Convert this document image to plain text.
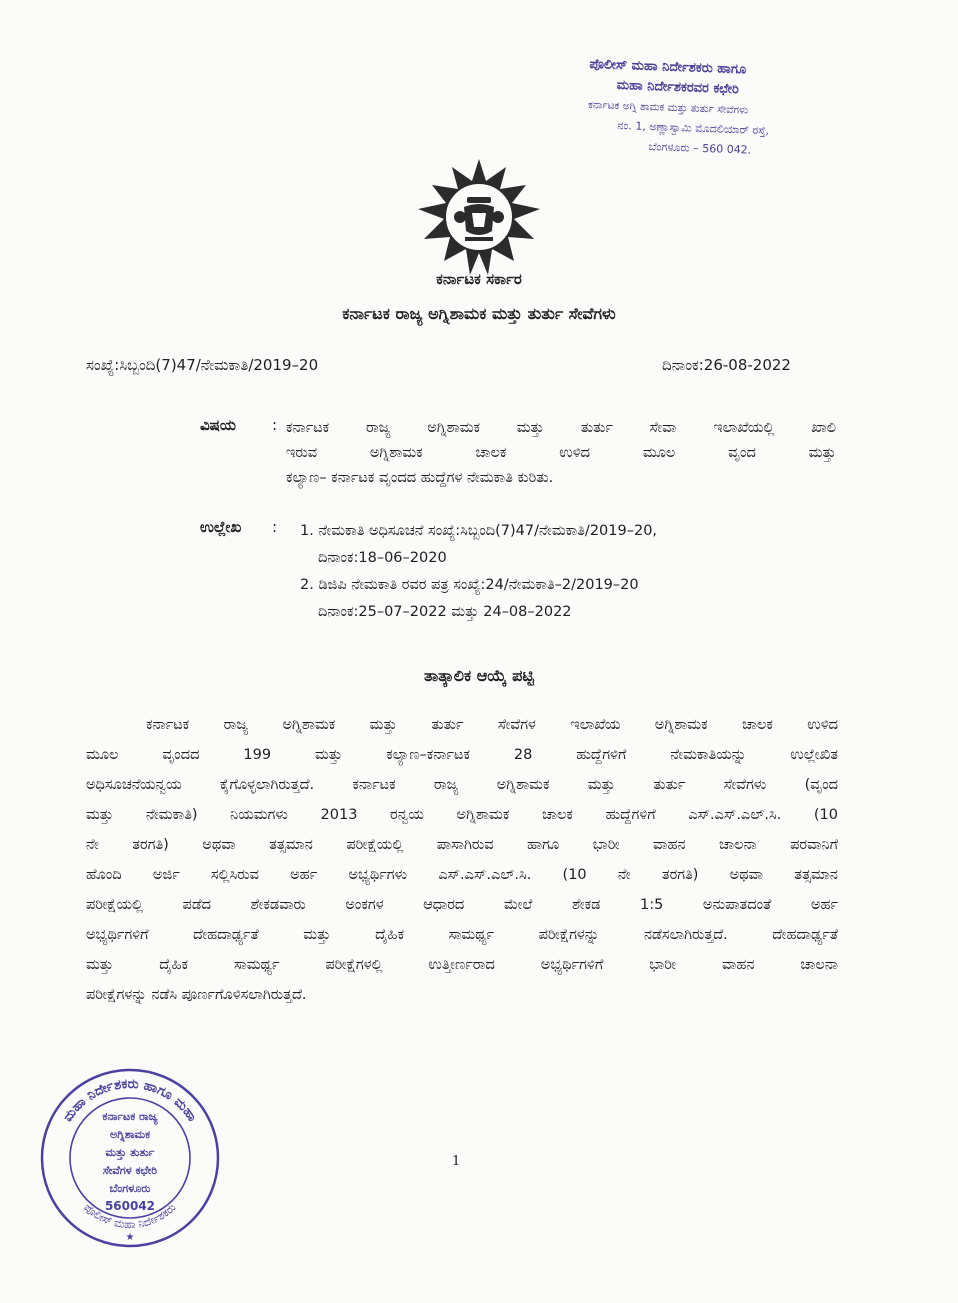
ಪೊಲೀಸ್ ಮಹಾ ನಿರ್ದೇಶಕರು ಹಾಗೂ
ಮಹಾ ನಿರ್ದೇಶಕರವರ ಕಛೇರಿ
ಕರ್ನಾಟಕ ಅಗ್ನಿ ಶಾಮಕ ಮತ್ತು ತುರ್ತು ಸೇವೆಗಳು
ನಂ. 1, ಅಣ್ಣಾಸ್ವಾಮಿ ಮೊದಲಿಯಾರ್ ರಸ್ತೆ,
ಬೆಂಗಳೂರು – 560 042.
ಕರ್ನಾಟಕ ಸರ್ಕಾರ
ಕರ್ನಾಟಕ ರಾಜ್ಯ ಅಗ್ನಿಶಾಮಕ ಮತ್ತು ತುರ್ತು ಸೇವೆಗಳು
ಸಂಖ್ಯೆ:ಸಿಬ್ಬಂದಿ(7)47/ನೇಮಕಾತಿ/2019–20	ದಿನಾಂಕ:26-08-2022
ವಿಷಯ : ಕರ್ನಾಟಕ ರಾಜ್ಯ ಅಗ್ನಿಶಾಮಕ ಮತ್ತು ತುರ್ತು ಸೇವಾ ಇಲಾಖೆಯಲ್ಲಿ ಖಾಲಿ
ಇರುವ ಅಗ್ನಿಶಾಮಕ ಚಾಲಕ ಉಳಿದ ಮೂಲ ವೃಂದ ಮತ್ತು
ಕಲ್ಯಾಣ– ಕರ್ನಾಟಕ ವೃಂದದ ಹುದ್ದೆಗಳ ನೇಮಕಾತಿ ಕುರಿತು.
ಉಲ್ಲೇಖ : 1. ನೇಮಕಾತಿ ಅಧಿಸೂಚನೆ ಸಂಖ್ಯೆ:ಸಿಬ್ಬಂದಿ(7)47/ನೇಮಕಾತಿ/2019–20,
ದಿನಾಂಕ:18–06–2020
2. ಡಿಜಿಪಿ ನೇಮಕಾತಿ ರವರ ಪತ್ರ ಸಂಖ್ಯೆ:24/ನೇಮಕಾತಿ–2/2019–20
ದಿನಾಂಕ:25–07–2022 ಮತ್ತು 24–08–2022
ತಾತ್ಕಾಲಿಕ ಆಯ್ಕೆ ಪಟ್ಟಿ
ಕರ್ನಾಟಕ ರಾಜ್ಯ ಅಗ್ನಿಶಾಮಕ ಮತ್ತು ತುರ್ತು ಸೇವೆಗಳ ಇಲಾಖೆಯ ಅಗ್ನಿಶಾಮಕ ಚಾಲಕ ಉಳಿದ
ಮೂಲ ವೃಂದದ 199 ಮತ್ತು ಕಲ್ಯಾಣ–ಕರ್ನಾಟಕ 28 ಹುದ್ದೆಗಳಿಗೆ ನೇಮಕಾತಿಯನ್ನು ಉಲ್ಲೇಖಿತ
ಅಧಿಸೂಚನೆಯನ್ವಯ ಕೈಗೊಳ್ಳಲಾಗಿರುತ್ತದೆ. ಕರ್ನಾಟಕ ರಾಜ್ಯ ಅಗ್ನಿಶಾಮಕ ಮತ್ತು ತುರ್ತು ಸೇವೆಗಳು (ವೃಂದ
ಮತ್ತು ನೇಮಕಾತಿ) ನಿಯಮಗಳು 2013 ರನ್ವಯ ಅಗ್ನಿಶಾಮಕ ಚಾಲಕ ಹುದ್ದೆಗಳಿಗೆ ಎಸ್.ಎಸ್.ಎಲ್.ಸಿ. (10
ನೇ ತರಗತಿ) ಅಥವಾ ತತ್ಸಮಾನ ಪರೀಕ್ಷೆಯಲ್ಲಿ ಪಾಸಾಗಿರುವ ಹಾಗೂ ಭಾರೀ ವಾಹನ ಚಾಲನಾ ಪರವಾನಿಗೆ
ಹೊಂದಿ ಅರ್ಜಿ ಸಲ್ಲಿಸಿರುವ ಅರ್ಹ ಅಭ್ಯರ್ಥಿಗಳು ಎಸ್.ಎಸ್.ಎಲ್.ಸಿ. (10 ನೇ ತರಗತಿ) ಅಥವಾ ತತ್ಸಮಾನ
ಪರೀಕ್ಷೆಯಲ್ಲಿ ಪಡೆದ ಶೇಕಡವಾರು ಅಂಕಗಳ ಆಧಾರದ ಮೇಲೆ ಶೇಕಡ 1:5 ಅನುಪಾತದಂತೆ ಅರ್ಹ
ಅಭ್ಯರ್ಥಿಗಳಿಗೆ ದೇಹದಾರ್ಢ್ಯತೆ ಮತ್ತು ದೈಹಿಕ ಸಾಮರ್ಥ್ಯ ಪರೀಕ್ಷೆಗಳನ್ನು ನಡೆಸಲಾಗಿರುತ್ತದೆ. ದೇಹದಾರ್ಢ್ಯತೆ
ಮತ್ತು ದೈಹಿಕ ಸಾಮರ್ಥ್ಯ ಪರೀಕ್ಷೆಗಳಲ್ಲಿ ಉತ್ತೀರ್ಣರಾದ ಅಭ್ಯರ್ಥಿಗಳಿಗೆ ಭಾರೀ ವಾಹನ ಚಾಲನಾ
ಪರೀಕ್ಷೆಗಳನ್ನು ನಡೆಸಿ ಪೂರ್ಣಗೊಳಿಸಲಾಗಿರುತ್ತದೆ.
1
ಮಹಾ ನಿರ್ದೇಶಕರು ಹಾಗೂ ಮಹಾ
ಪೊಲೀಸ್ ಮಹಾ ನಿರ್ದೇಶಕರು
ಕರ್ನಾಟಕ ರಾಜ್ಯ
ಅಗ್ನಿಶಾಮಕ
ಮತ್ತು ತುರ್ತು
ಸೇವೆಗಳ ಕಛೇರಿ
ಬೆಂಗಳೂರು
560042
★
